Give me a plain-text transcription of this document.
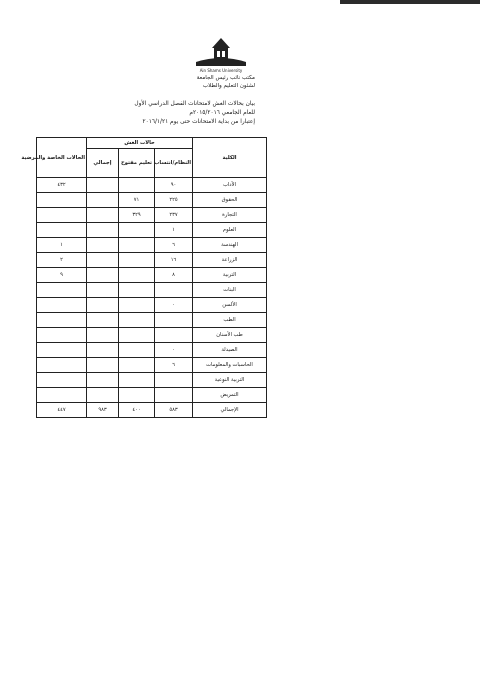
Ain Shams University
مكتب نائب رئيس الجامعة
لشئون التعليم والطلاب
بيان بحالات الغش لامتحانات الفصل الدراسي الأول
للعام الجامعي ٢٠١٥/٢٠١٦م
إعتبارا من بداية الامتحانات حتى يوم ٢٠١٦/١/٢١
الكلية	حالات الغش			الحالات الخاصة والمرضية
	النظام/انتساب	تعليم مفتوح	إجمالي	
الآداب	٩٠			٤٣٢
الحقوق	٢٢٥	٧١		
التجارة	٢٣٧	٣٢٩		
العلوم	١			
الهندسة	٦			١
الزراعة	١٦			٢
التربية	٨			٩
البنات				
الألسن	٠			
الطب				
طب الأسنان				
الصيدلة	٠			
الحاسبات والمعلومات	٦			
التربية النوعية				
التمريض				
الإجمالي	٥٨٣	٤٠٠	٩٨٣	٤٤٧
